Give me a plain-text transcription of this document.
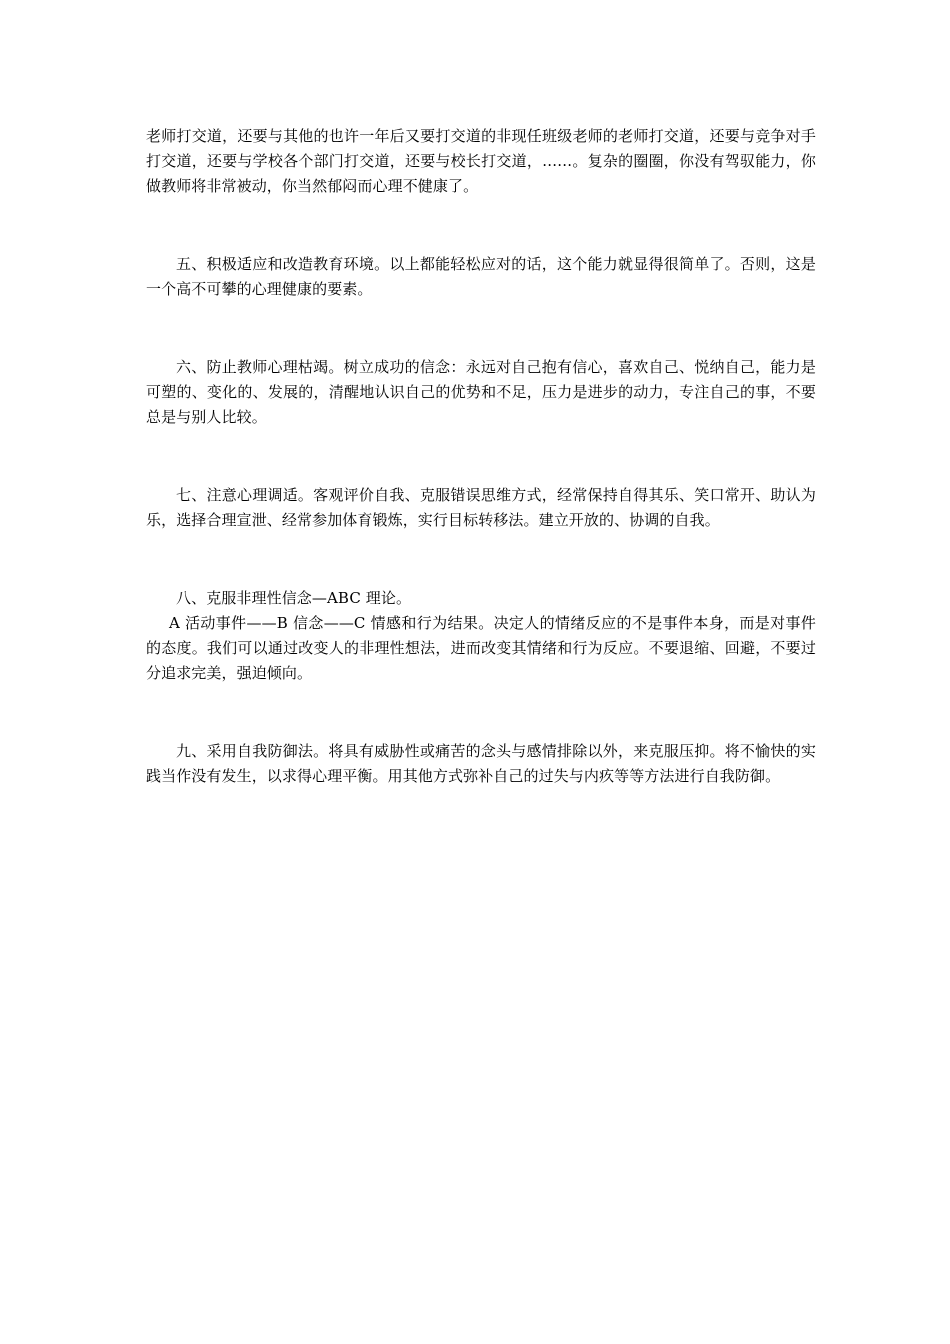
老师打交道，还要与其他的也许一年后又要打交道的非现任班级老师的老师打交道，还要与竞争对手打交道，还要与学校各个部门打交道，还要与校长打交道，……。复杂的圈圈，你没有驾驭能力，你做教师将非常被动，你当然郁闷而心理不健康了。

五、积极适应和改造教育环境。以上都能轻松应对的话，这个能力就显得很简单了。否则，这是一个高不可攀的心理健康的要素。

六、防止教师心理枯竭。树立成功的信念：永远对自己抱有信心，喜欢自己、悦纳自己，能力是可塑的、变化的、发展的，清醒地认识自己的优势和不足，压力是进步的动力，专注自己的事，不要总是与别人比较。

七、注意心理调适。客观评价自我、克服错误思维方式，经常保持自得其乐、笑口常开、助认为乐，选择合理宣泄、经常参加体育锻炼，实行目标转移法。建立开放的、协调的自我。

八、克服非理性信念—ABC 理论。

A 活动事件——B 信念——C 情感和行为结果。决定人的情绪反应的不是事件本身，而是对事件的态度。我们可以通过改变人的非理性想法，进而改变其情绪和行为反应。不要退缩、回避，不要过分追求完美，强迫倾向。

九、采用自我防御法。将具有威胁性或痛苦的念头与感情排除以外，来克服压抑。将不愉快的实践当作没有发生，以求得心理平衡。用其他方式弥补自己的过失与内疚等等方法进行自我防御。
